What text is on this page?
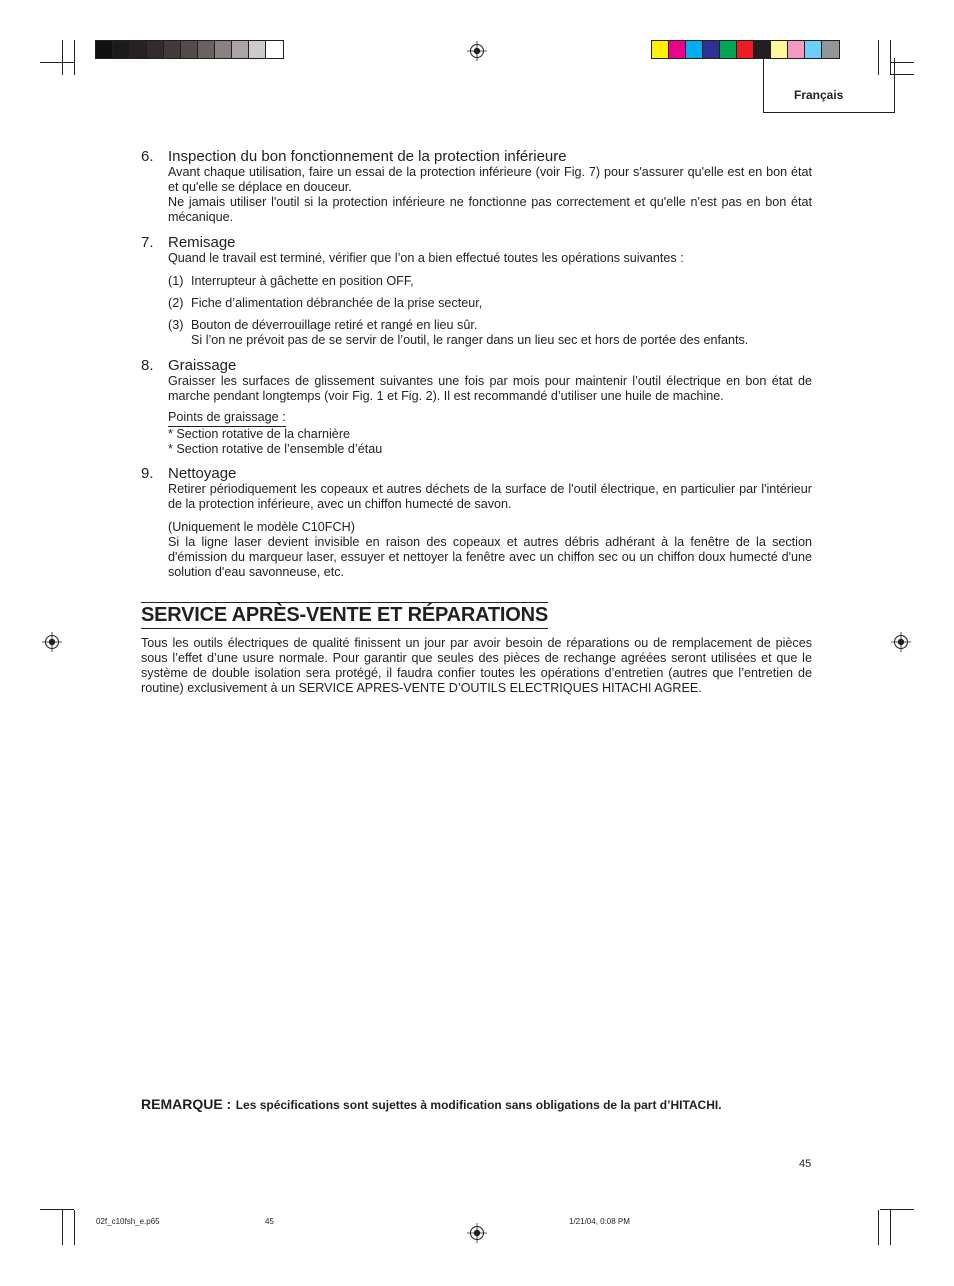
Français
6. Inspection du bon fonctionnement de la protection inférieure
Avant chaque utilisation, faire un essai de la protection inférieure (voir Fig. 7) pour s'assurer qu'elle est en bon état et qu'elle se déplace en douceur.
Ne jamais utiliser l'outil si la protection inférieure ne fonctionne pas correctement et qu'elle n'est pas en bon état mécanique.
7. Remisage
Quand le travail est terminé, vérifier que l’on a bien effectué toutes les opérations suivantes :
(1) Interrupteur à gâchette en position OFF,
(2) Fiche d’alimentation débranchée de la prise secteur,
(3) Bouton de déverrouillage retiré et rangé en lieu sûr.
Si l’on ne prévoit pas de se servir de l’outil, le ranger dans un lieu sec et hors de portée des enfants.
8. Graissage
Graisser les surfaces de glissement suivantes une fois par mois pour maintenir l’outil électrique en bon état de marche pendant longtemps (voir Fig. 1 et Fig. 2). Il est recommandé d’utiliser une huile de machine.
Points de graissage :
* Section rotative de la charnière
* Section rotative de l’ensemble d’étau
9. Nettoyage
Retirer périodiquement les copeaux et autres déchets de la surface de l'outil électrique, en particulier par l'intérieur de la protection inférieure, avec un chiffon humecté de savon.
(Uniquement le modèle C10FCH)
Si la ligne laser devient invisible en raison des copeaux et autres débris adhérant à la fenêtre de la section d'émission du marqueur laser, essuyer et nettoyer la fenêtre avec un chiffon sec ou un chiffon doux humecté d'une solution d'eau savonneuse, etc.
SERVICE APRÈS-VENTE ET RÉPARATIONS
Tous les outils électriques de qualité finissent un jour par avoir besoin de réparations ou de remplacement de pièces sous l’effet d’une usure normale. Pour garantir que seules des pièces de rechange agréées seront utilisées et que le système de double isolation sera protégé, il faudra confier toutes les opérations d’entretien (autres que l’entretien de routine) exclusivement à un SERVICE APRES-VENTE D’OUTILS ELECTRIQUES HITACHI AGREE.
REMARQUE : Les spécifications sont sujettes à modification sans obligations de la part d’HITACHI.
45
02f_c10fsh_e.p65	45	1/21/04, 0:08 PM
